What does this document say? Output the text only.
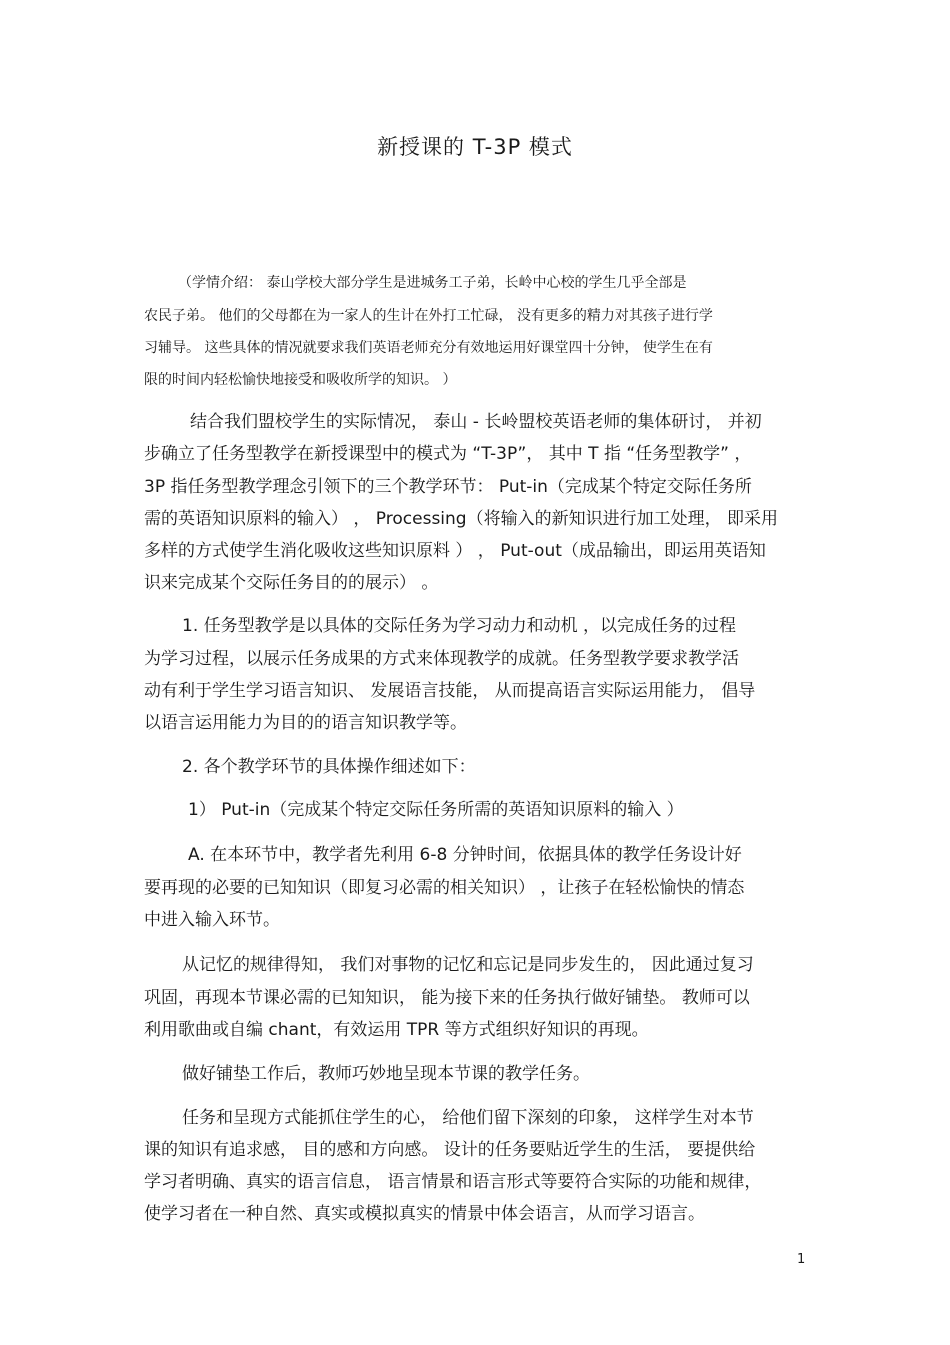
新授课的 T-3P 模式
（学情介绍： 泰山学校大部分学生是进城务工子弟，长岭中心校的学生几乎全部是
农民子弟。 他们的父母都在为一家人的生计在外打工忙碌， 没有更多的精力对其孩子进行学
习辅导。 这些具体的情况就要求我们英语老师充分有效地运用好课堂四十分钟， 使学生在有
限的时间内轻松愉快地接受和吸收所学的知识。 ）
结合我们盟校学生的实际情况， 泰山 - 长岭盟校英语老师的集体研讨， 并初
步确立了任务型教学在新授课型中的模式为 “T-3P”， 其中 T 指 “任务型教学” ，
3P 指任务型教学理念引领下的三个教学环节： Put-in（完成某个特定交际任务所
需的英语知识原料的输入） ， Processing（将输入的新知识进行加工处理， 即采用
多样的方式使学生消化吸收这些知识原料 ） ， Put-out（成品输出，即运用英语知
识来完成某个交际任务目的的展示） 。
1. 任务型教学是以具体的交际任务为学习动力和动机 ，以完成任务的过程
为学习过程，以展示任务成果的方式来体现教学的成就。任务型教学要求教学活
动有利于学生学习语言知识、 发展语言技能， 从而提高语言实际运用能力， 倡导
以语言运用能力为目的的语言知识教学等。
2. 各个教学环节的具体操作细述如下：
1） Put-in（完成某个特定交际任务所需的英语知识原料的输入 ）
A. 在本环节中，教学者先利用 6-8 分钟时间，依据具体的教学任务设计好
要再现的必要的已知知识（即复习必需的相关知识） ，让孩子在轻松愉快的情态
中进入输入环节。
从记忆的规律得知， 我们对事物的记忆和忘记是同步发生的， 因此通过复习
巩固，再现本节课必需的已知知识， 能为接下来的任务执行做好铺垫。 教师可以
利用歌曲或自编 chant，有效运用 TPR 等方式组织好知识的再现。
做好铺垫工作后，教师巧妙地呈现本节课的教学任务。
任务和呈现方式能抓住学生的心， 给他们留下深刻的印象， 这样学生对本节
课的知识有追求感， 目的感和方向感。 设计的任务要贴近学生的生活， 要提供给
学习者明确、真实的语言信息， 语言情景和语言形式等要符合实际的功能和规律，
使学习者在一种自然、真实或模拟真实的情景中体会语言，从而学习语言。
1
